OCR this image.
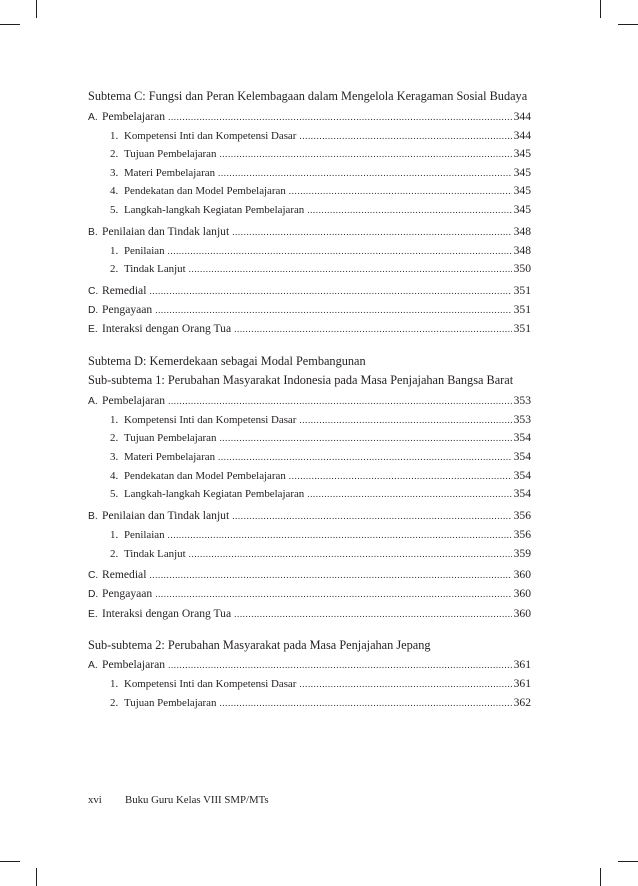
Subtema C: Fungsi dan Peran Kelembagaan dalam Mengelola Keragaman Sosial Budaya

A. Pembelajaran .....	344
1. Kompetensi Inti dan Kompetensi Dasar .....	344
2. Tujuan Pembelajaran .....	345
3. Materi Pembelajaran .....	345
4. Pendekatan dan Model Pembelajaran .....	345
5. Langkah-langkah Kegiatan Pembelajaran .....	345
B. Penilaian dan Tindak lanjut .....	348
1. Penilaian .....	348
2. Tindak Lanjut .....	350
C. Remedial .....	351
D. Pengayaan .....	351
E. Interaksi dengan Orang Tua .....	351

Subtema D: Kemerdekaan sebagai Modal Pembangunan

Sub-subtema 1: Perubahan Masyarakat Indonesia pada Masa Penjajahan Bangsa Barat

A. Pembelajaran .....	353
1. Kompetensi Inti dan Kompetensi Dasar .....	353
2. Tujuan Pembelajaran .....	354
3. Materi Pembelajaran .....	354
4. Pendekatan dan Model Pembelajaran .....	354
5. Langkah-langkah Kegiatan Pembelajaran .....	354
B. Penilaian dan Tindak lanjut .....	356
1. Penilaian .....	356
2. Tindak Lanjut .....	359
C. Remedial .....	360
D. Pengayaan .....	360
E. Interaksi dengan Orang Tua .....	360

Sub-subtema 2: Perubahan Masyarakat pada Masa Penjajahan Jepang

A. Pembelajaran .....	361
1. Kompetensi Inti dan Kompetensi Dasar .....	361
2. Tujuan Pembelajaran .....	362
xvi	Buku Guru Kelas VIII SMP/MTs
